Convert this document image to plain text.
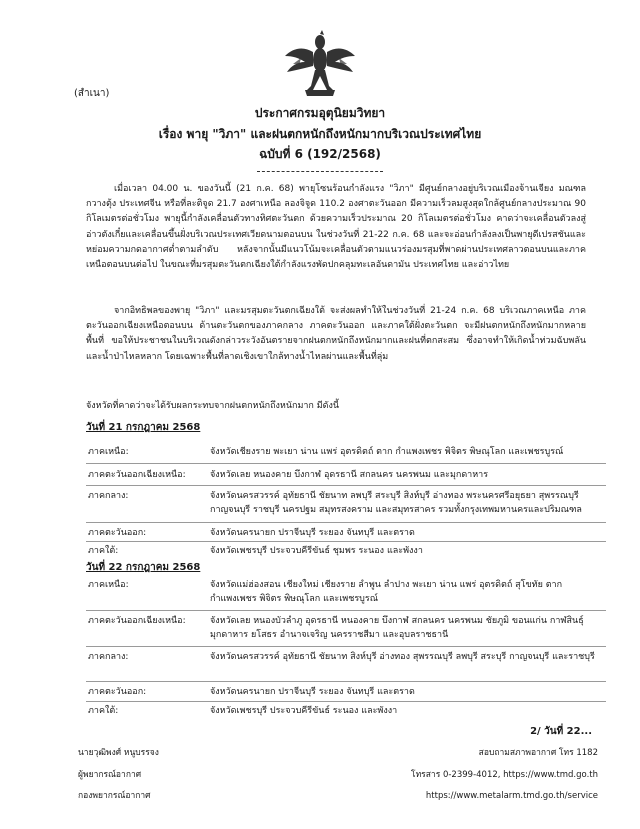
(สำเนา)
ประกาศกรมอุตุนิยมวิทยา
เรื่อง พายุ "วิภา" และฝนตกหนักถึงหนักมากบริเวณประเทศไทย
ฉบับที่ 6 (192/2568)
เมื่อเวลา 04.00 น. ของวันนี้ (21 ก.ค. 68) พายุโซนร้อนกำลังแรง "วิภา" มีศูนย์กลางอยู่บริเวณเมืองจ้านเจียง มณฑลกวางตุ้ง ประเทศจีน หรือที่ละติจูด 21.7 องศาเหนือ ลองจิจูด 110.2 องศาตะวันออก มีความเร็วลมสูงสุดใกล้ศูนย์กลางประมาณ 90 กิโลเมตรต่อชั่วโมง พายุนี้กำลังเคลื่อนตัวทางทิศตะวันตก ด้วยความเร็วประมาณ 20 กิโลเมตรต่อชั่วโมง คาดว่าจะเคลื่อนตัวลงสู่อ่าวตังเกี๋ยและเคลื่อนขึ้นฝั่งบริเวณประเทศเวียดนามตอนบน ในช่วงวันที่ 21-22 ก.ค. 68 และจะอ่อนกำลังลงเป็นพายุดีเปรสชันและหย่อมความกดอากาศต่ำตามลำดับ หลังจากนั้นมีแนวโน้มจะเคลื่อนตัวตามแนวร่องมรสุมที่พาดผ่านประเทศลาวตอนบนและภาคเหนือตอนบนต่อไป ในขณะที่มรสุมตะวันตกเฉียงใต้กำลังแรงพัดปกคลุมทะเลอันดามัน ประเทศไทย และอ่าวไทย
จากอิทธิพลของพายุ "วิภา" และมรสุมตะวันตกเฉียงใต้ จะส่งผลทำให้ในช่วงวันที่ 21-24 ก.ค. 68 บริเวณภาคเหนือ ภาคตะวันออกเฉียงเหนือตอนบน ด้านตะวันตกของภาคกลาง ภาคตะวันออก และภาคใต้ฝั่งตะวันตก จะมีฝนตกหนักถึงหนักมากหลายพื้นที่ ขอให้ประชาชนในบริเวณดังกล่าวระวังอันตรายจากฝนตกหนักถึงหนักมากและฝนที่ตกสะสม ซึ่งอาจทำให้เกิดน้ำท่วมฉับพลันและน้ำป่าไหลหลาก โดยเฉพาะพื้นที่ลาดเชิงเขาใกล้ทางน้ำไหลผ่านและพื้นที่ลุ่ม
จังหวัดที่คาดว่าจะได้รับผลกระทบจากฝนตกหนักถึงหนักมาก มีดังนี้
วันที่ 21 กรกฎาคม 2568
ภาคเหนือ:	จังหวัดเชียงราย พะเยา น่าน แพร่ อุตรดิตถ์ ตาก กำแพงเพชร พิจิตร พิษณุโลก และเพชรบูรณ์
ภาคตะวันออกเฉียงเหนือ:	จังหวัดเลย หนองคาย บึงกาฬ อุดรธานี สกลนคร นครพนม และมุกดาหาร
ภาคกลาง:	จังหวัดนครสวรรค์ อุทัยธานี ชัยนาท ลพบุรี สระบุรี สิงห์บุรี อ่างทอง พระนครศรีอยุธยา สุพรรณบุรี กาญจนบุรี ราชบุรี นครปฐม สมุทรสงคราม และสมุทรสาคร รวมทั้งกรุงเทพมหานครและปริมณฑล
ภาคตะวันออก:	จังหวัดนครนายก ปราจีนบุรี ระยอง จันทบุรี และตราด
ภาคใต้:	จังหวัดเพชรบุรี ประจวบคีรีขันธ์ ชุมพร ระนอง และพังงา
วันที่ 22 กรกฎาคม 2568
ภาคเหนือ:	จังหวัดแม่ฮ่องสอน เชียงใหม่ เชียงราย ลำพูน ลำปาง พะเยา น่าน แพร่ อุตรดิตถ์ สุโขทัย ตาก กำแพงเพชร พิจิตร พิษณุโลก และเพชรบูรณ์
ภาคตะวันออกเฉียงเหนือ:	จังหวัดเลย หนองบัวลำภู อุดรธานี หนองคาย บึงกาฬ สกลนคร นครพนม ชัยภูมิ ขอนแก่น กาฬสินธุ์ มุกดาหาร ยโสธร อำนาจเจริญ นครราชสีมา และอุบลราชธานี
ภาคกลาง:	จังหวัดนครสวรรค์ อุทัยธานี ชัยนาท สิงห์บุรี อ่างทอง สุพรรณบุรี ลพบุรี สระบุรี กาญจนบุรี และราชบุรี
ภาคตะวันออก:	จังหวัดนครนายก ปราจีนบุรี ระยอง จันทบุรี และตราด
ภาคใต้:	จังหวัดเพชรบุรี ประจวบคีรีขันธ์ ระนอง และพังงา
2/ วันที่ 22...
นายวุฒิพงศ์ หนูบรรจง
ผู้พยากรณ์อากาศ
กองพยากรณ์อากาศ
สอบถามสภาพอากาศ โทร 1182
โทรสาร 0-2399-4012, https://www.tmd.go.th
https://www.metalarm.tmd.go.th/service
